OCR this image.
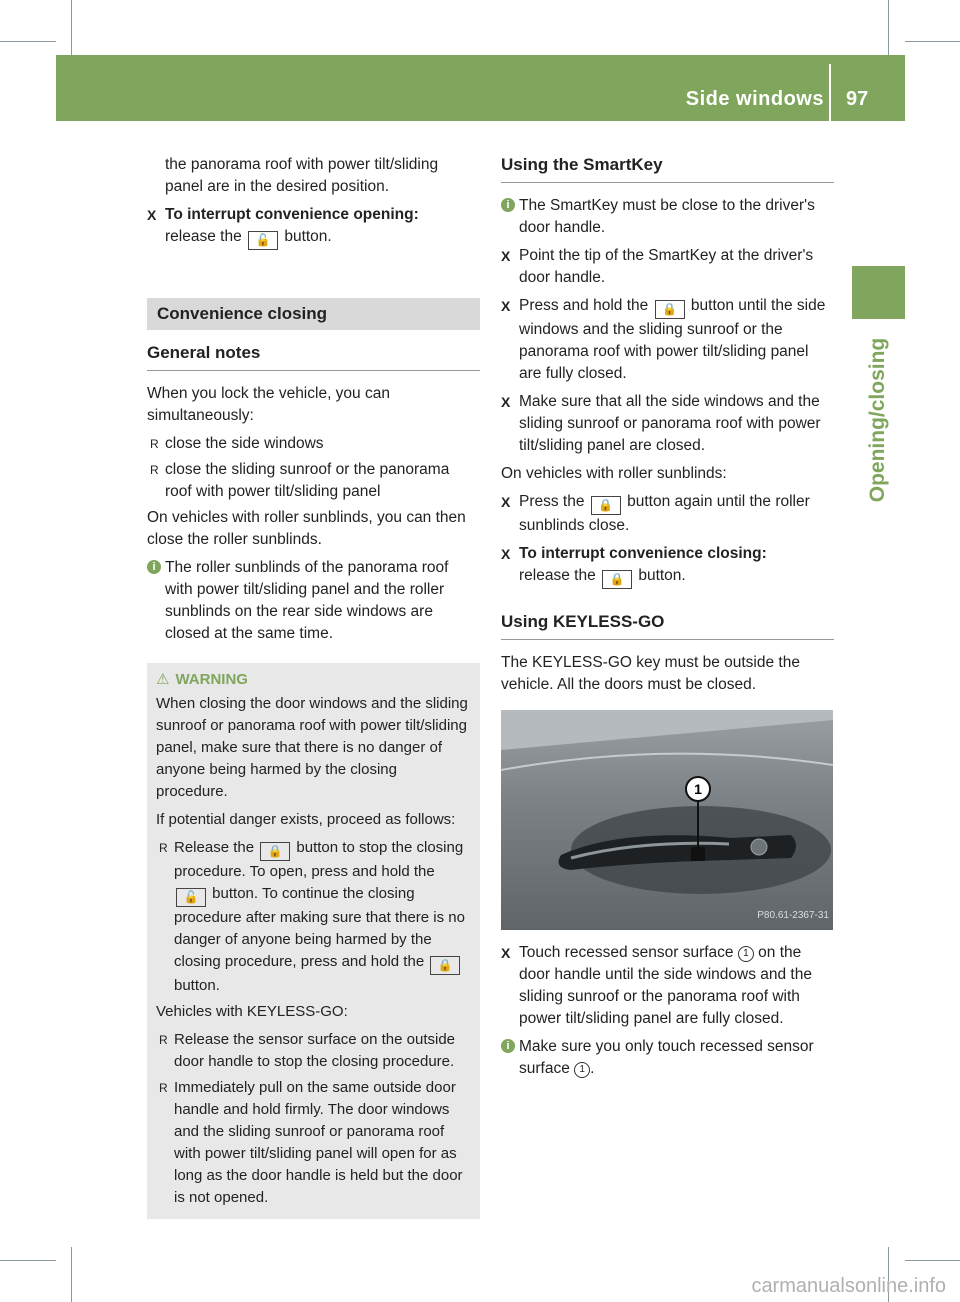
Side windows 97
Opening/closing

the panorama roof with power tilt/sliding panel are in the desired position.

X To interrupt convenience opening:
release the 🔓 button.
Convenience closing
General notes

When you lock the vehicle, you can simultaneously:

R close the side windows
R close the sliding sunroof or the panorama roof with power tilt/sliding panel

On vehicles with roller sunblinds, you can then close the roller sunblinds.

i The roller sunblinds of the panorama roof with power tilt/sliding panel and the roller sunblinds on the rear side windows are closed at the same time.
⚠ WARNING

When closing the door windows and the sliding sunroof or panorama roof with power tilt/sliding panel, make sure that there is no danger of anyone being harmed by the closing procedure.

If potential danger exists, proceed as follows:

R Release the 🔒 button to stop the closing procedure. To open, press and hold the 🔓 button. To continue the closing procedure after making sure that there is no danger of anyone being harmed by the closing procedure, press and hold the 🔒 button.

Vehicles with KEYLESS-GO:

R Release the sensor surface on the outside door handle to stop the closing procedure.
R Immediately pull on the same outside door handle and hold firmly. The door windows and the sliding sunroof or panorama roof with power tilt/sliding panel will open for as long as the door handle is held but the door is not opened.
Using the SmartKey
i The SmartKey must be close to the driver's door handle.
X Point the tip of the SmartKey at the driver's door handle.
X Press and hold the 🔒 button until the side windows and the sliding sunroof or the panorama roof with power tilt/sliding panel are fully closed.
X Make sure that all the side windows and the sliding sunroof or panorama roof with power tilt/sliding panel are closed.

On vehicles with roller sunblinds:

X Press the 🔒 button again until the roller sunblinds close.
X To interrupt convenience closing:
release the 🔒 button.
Using KEYLESS-GO

The KEYLESS-GO key must be outside the vehicle. All the doors must be closed.

1
P80.61-2367-31
X Touch recessed sensor surface 1 on the door handle until the side windows and the sliding sunroof or the panorama roof with power tilt/sliding panel are fully closed.
i Make sure you only touch recessed sensor surface 1 .
carmanualsonline.info
